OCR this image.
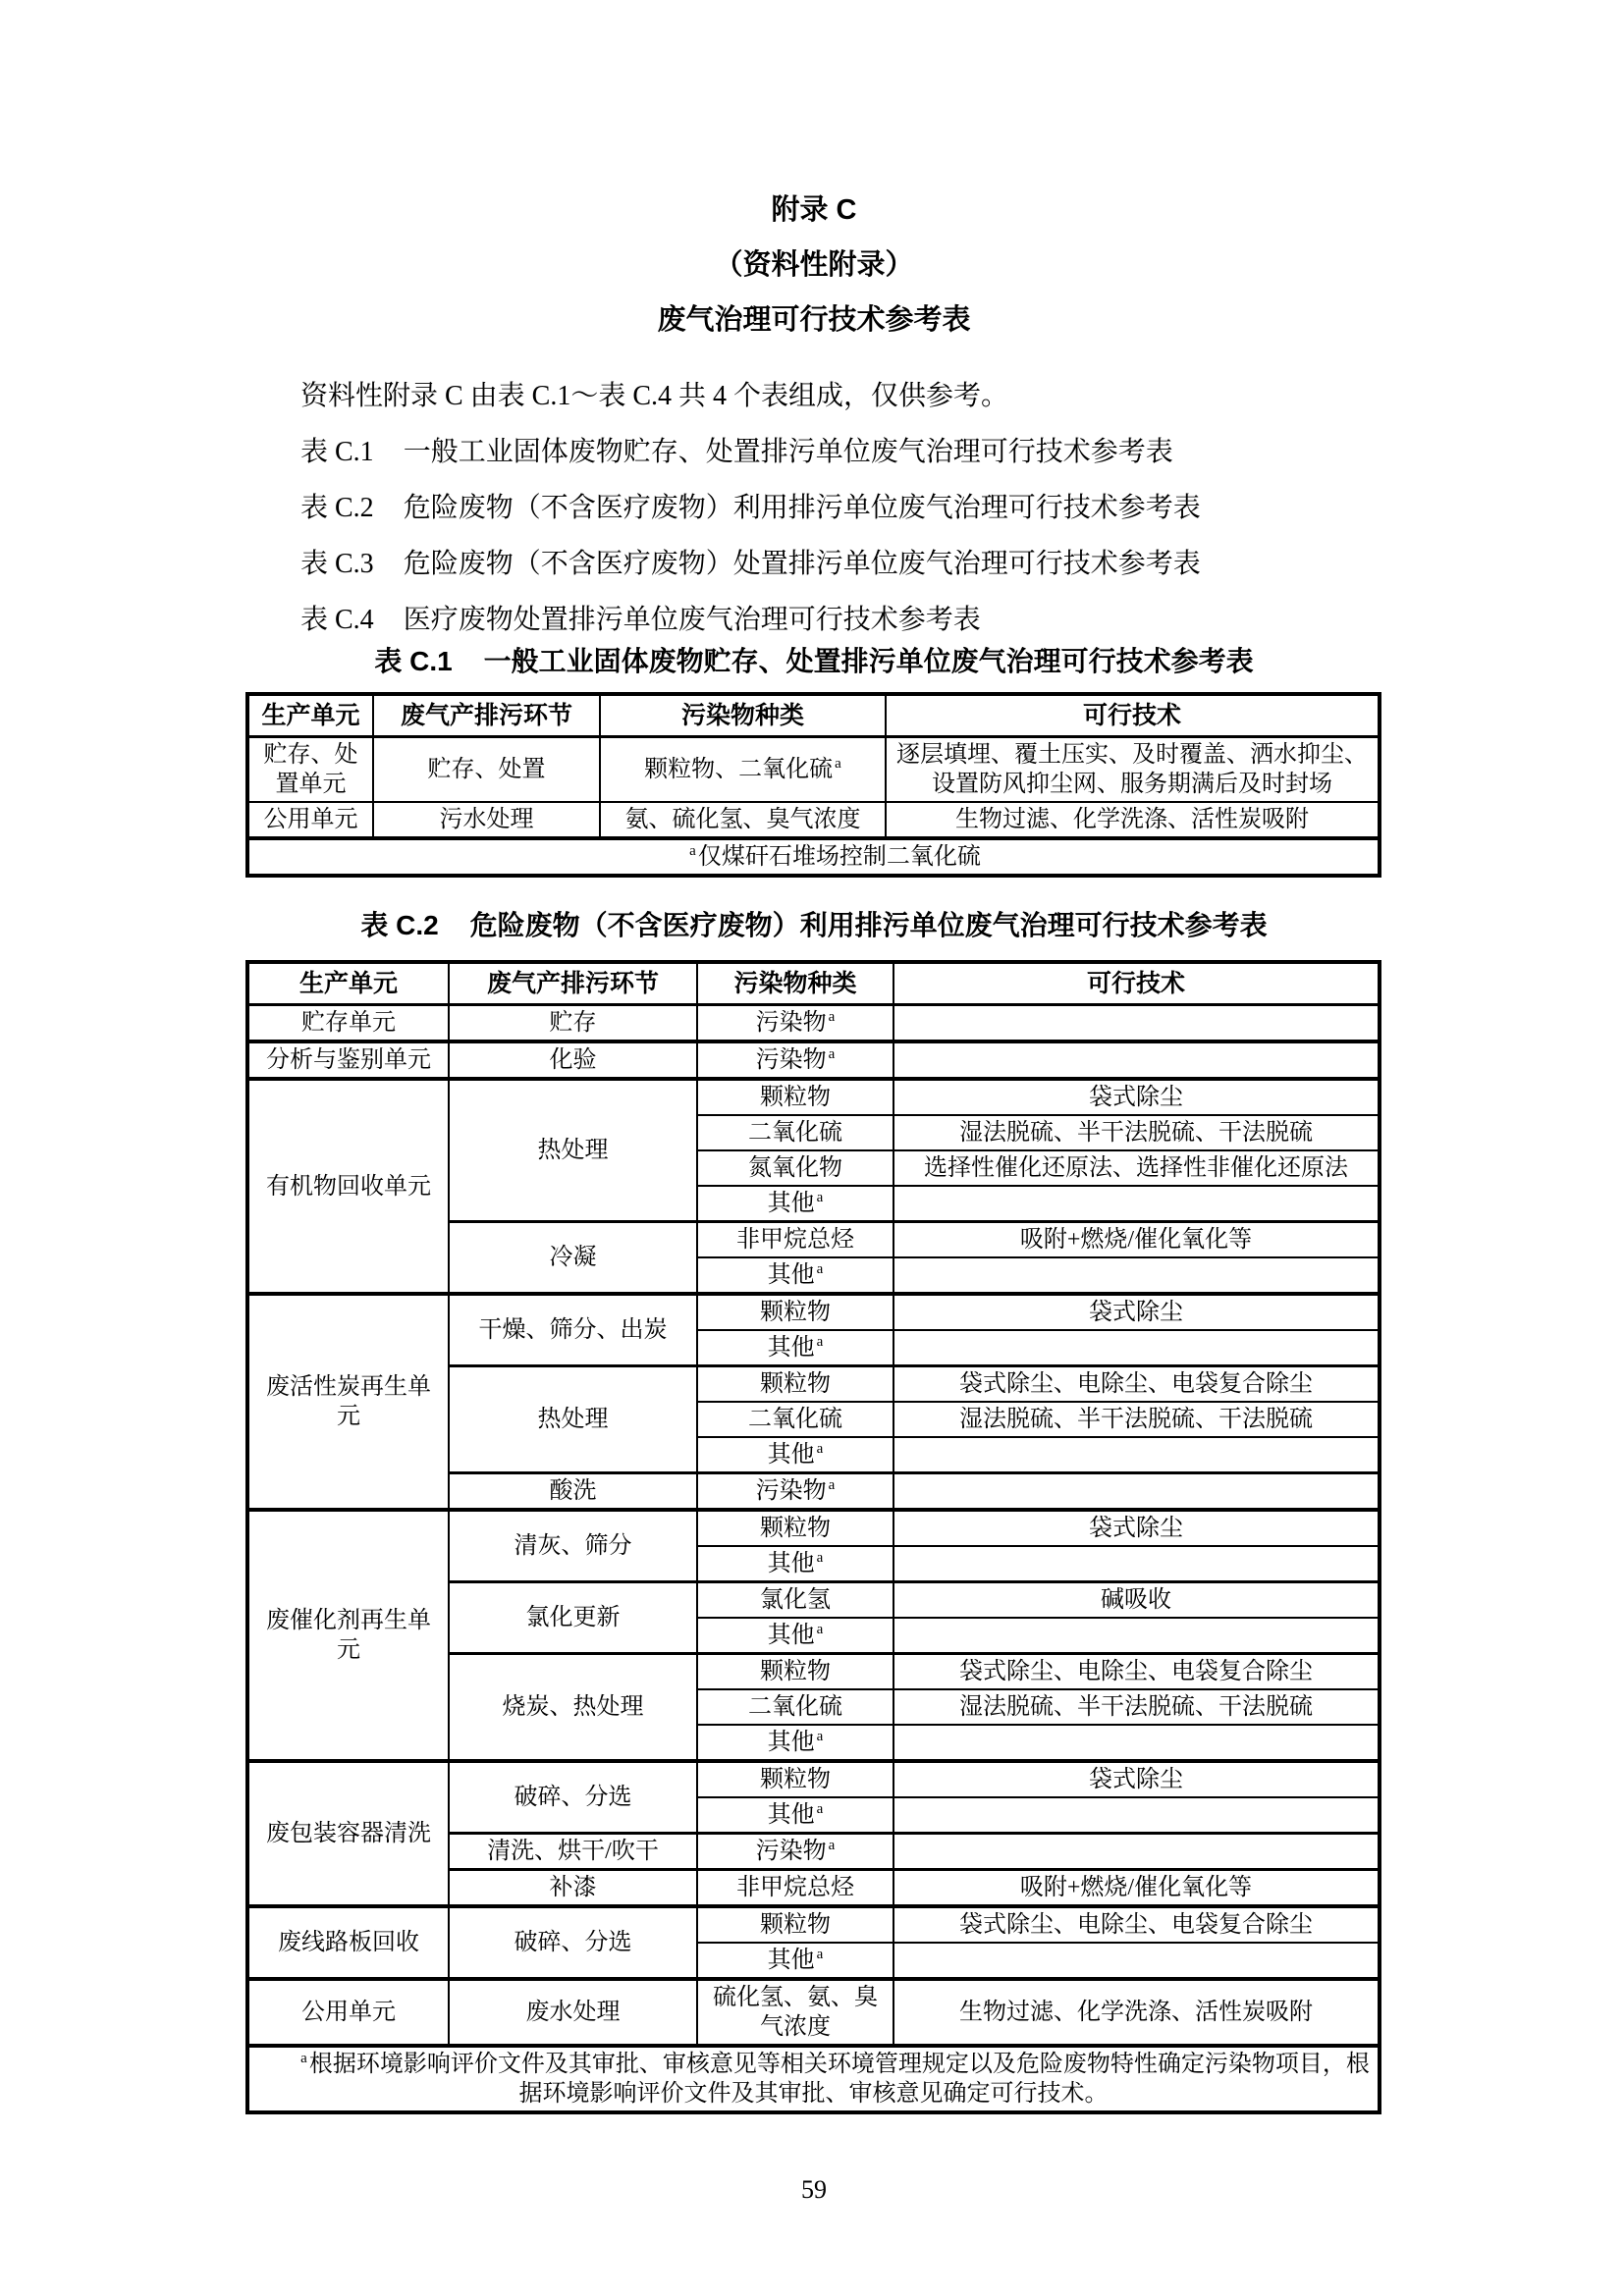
附录 C
（资料性附录）
废气治理可行技术参考表
资料性附录 C 由表 C.1～表 C.4 共 4 个表组成，仅供参考。
表 C.1 一般工业固体废物贮存、处置排污单位废气治理可行技术参考表
表 C.2 危险废物（不含医疗废物）利用排污单位废气治理可行技术参考表
表 C.3 危险废物（不含医疗废物）处置排污单位废气治理可行技术参考表
表 C.4 医疗废物处置排污单位废气治理可行技术参考表
表 C.1 一般工业固体废物贮存、处置排污单位废气治理可行技术参考表
生产单元	废气产排污环节	污染物种类	可行技术
贮存、处置单元	贮存、处置	颗粒物、二氧化硫 $^a$	逐层填埋、覆土压实、及时覆盖、洒水抑尘、设置防风抑尘网、服务期满后及时封场
公用单元	污水处理	氨、硫化氢、臭气浓度	生物过滤、化学洗涤、活性炭吸附
$^a$仅煤矸石堆场控制二氧化硫			
表 C.2 危险废物（不含医疗废物）利用排污单位废气治理可行技术参考表
生产单元	废气产排污环节	污染物种类	可行技术
贮存单元	贮存	污染物 $^a$	
分析与鉴别单元	化验	污染物 $^a$	
有机物回收单元	热处理	颗粒物	袋式除尘
		二氧化硫	湿法脱硫、半干法脱硫、干法脱硫
		氮氧化物	选择性催化还原法、选择性非催化还原法
		其他 $^a$	
	冷凝	非甲烷总烃	吸附+燃烧/催化氧化等
		其他 $^a$	
废活性炭再生单元	干燥、筛分、出炭	颗粒物	袋式除尘
		其他 $^a$	
	热处理	颗粒物	袋式除尘、电除尘、电袋复合除尘
		二氧化硫	湿法脱硫、半干法脱硫、干法脱硫
		其他 $^a$	
	酸洗	污染物 $^a$	
废催化剂再生单元	清灰、筛分	颗粒物	袋式除尘
		其他 $^a$	
	氯化更新	氯化氢	碱吸收
		其他 $^a$	
	烧炭、热处理	颗粒物	袋式除尘、电除尘、电袋复合除尘
		二氧化硫	湿法脱硫、半干法脱硫、干法脱硫
		其他 $^a$	
废包装容器清洗	破碎、分选	颗粒物	袋式除尘
		其他 $^a$	
	清洗、烘干/吹干	污染物 $^a$	
	补漆	非甲烷总烃	吸附+燃烧/催化氧化等
废线路板回收	破碎、分选	颗粒物	袋式除尘、电除尘、电袋复合除尘
		其他 $^a$	
公用单元	废水处理	硫化氢、氨、臭气浓度	生物过滤、化学洗涤、活性炭吸附
$^a$根据环境影响评价文件及其审批、审核意见等相关环境管理规定以及危险废物特性确定污染物项目，根据环境影响评价文件及其审批、审核意见确定可行技术。			
59
